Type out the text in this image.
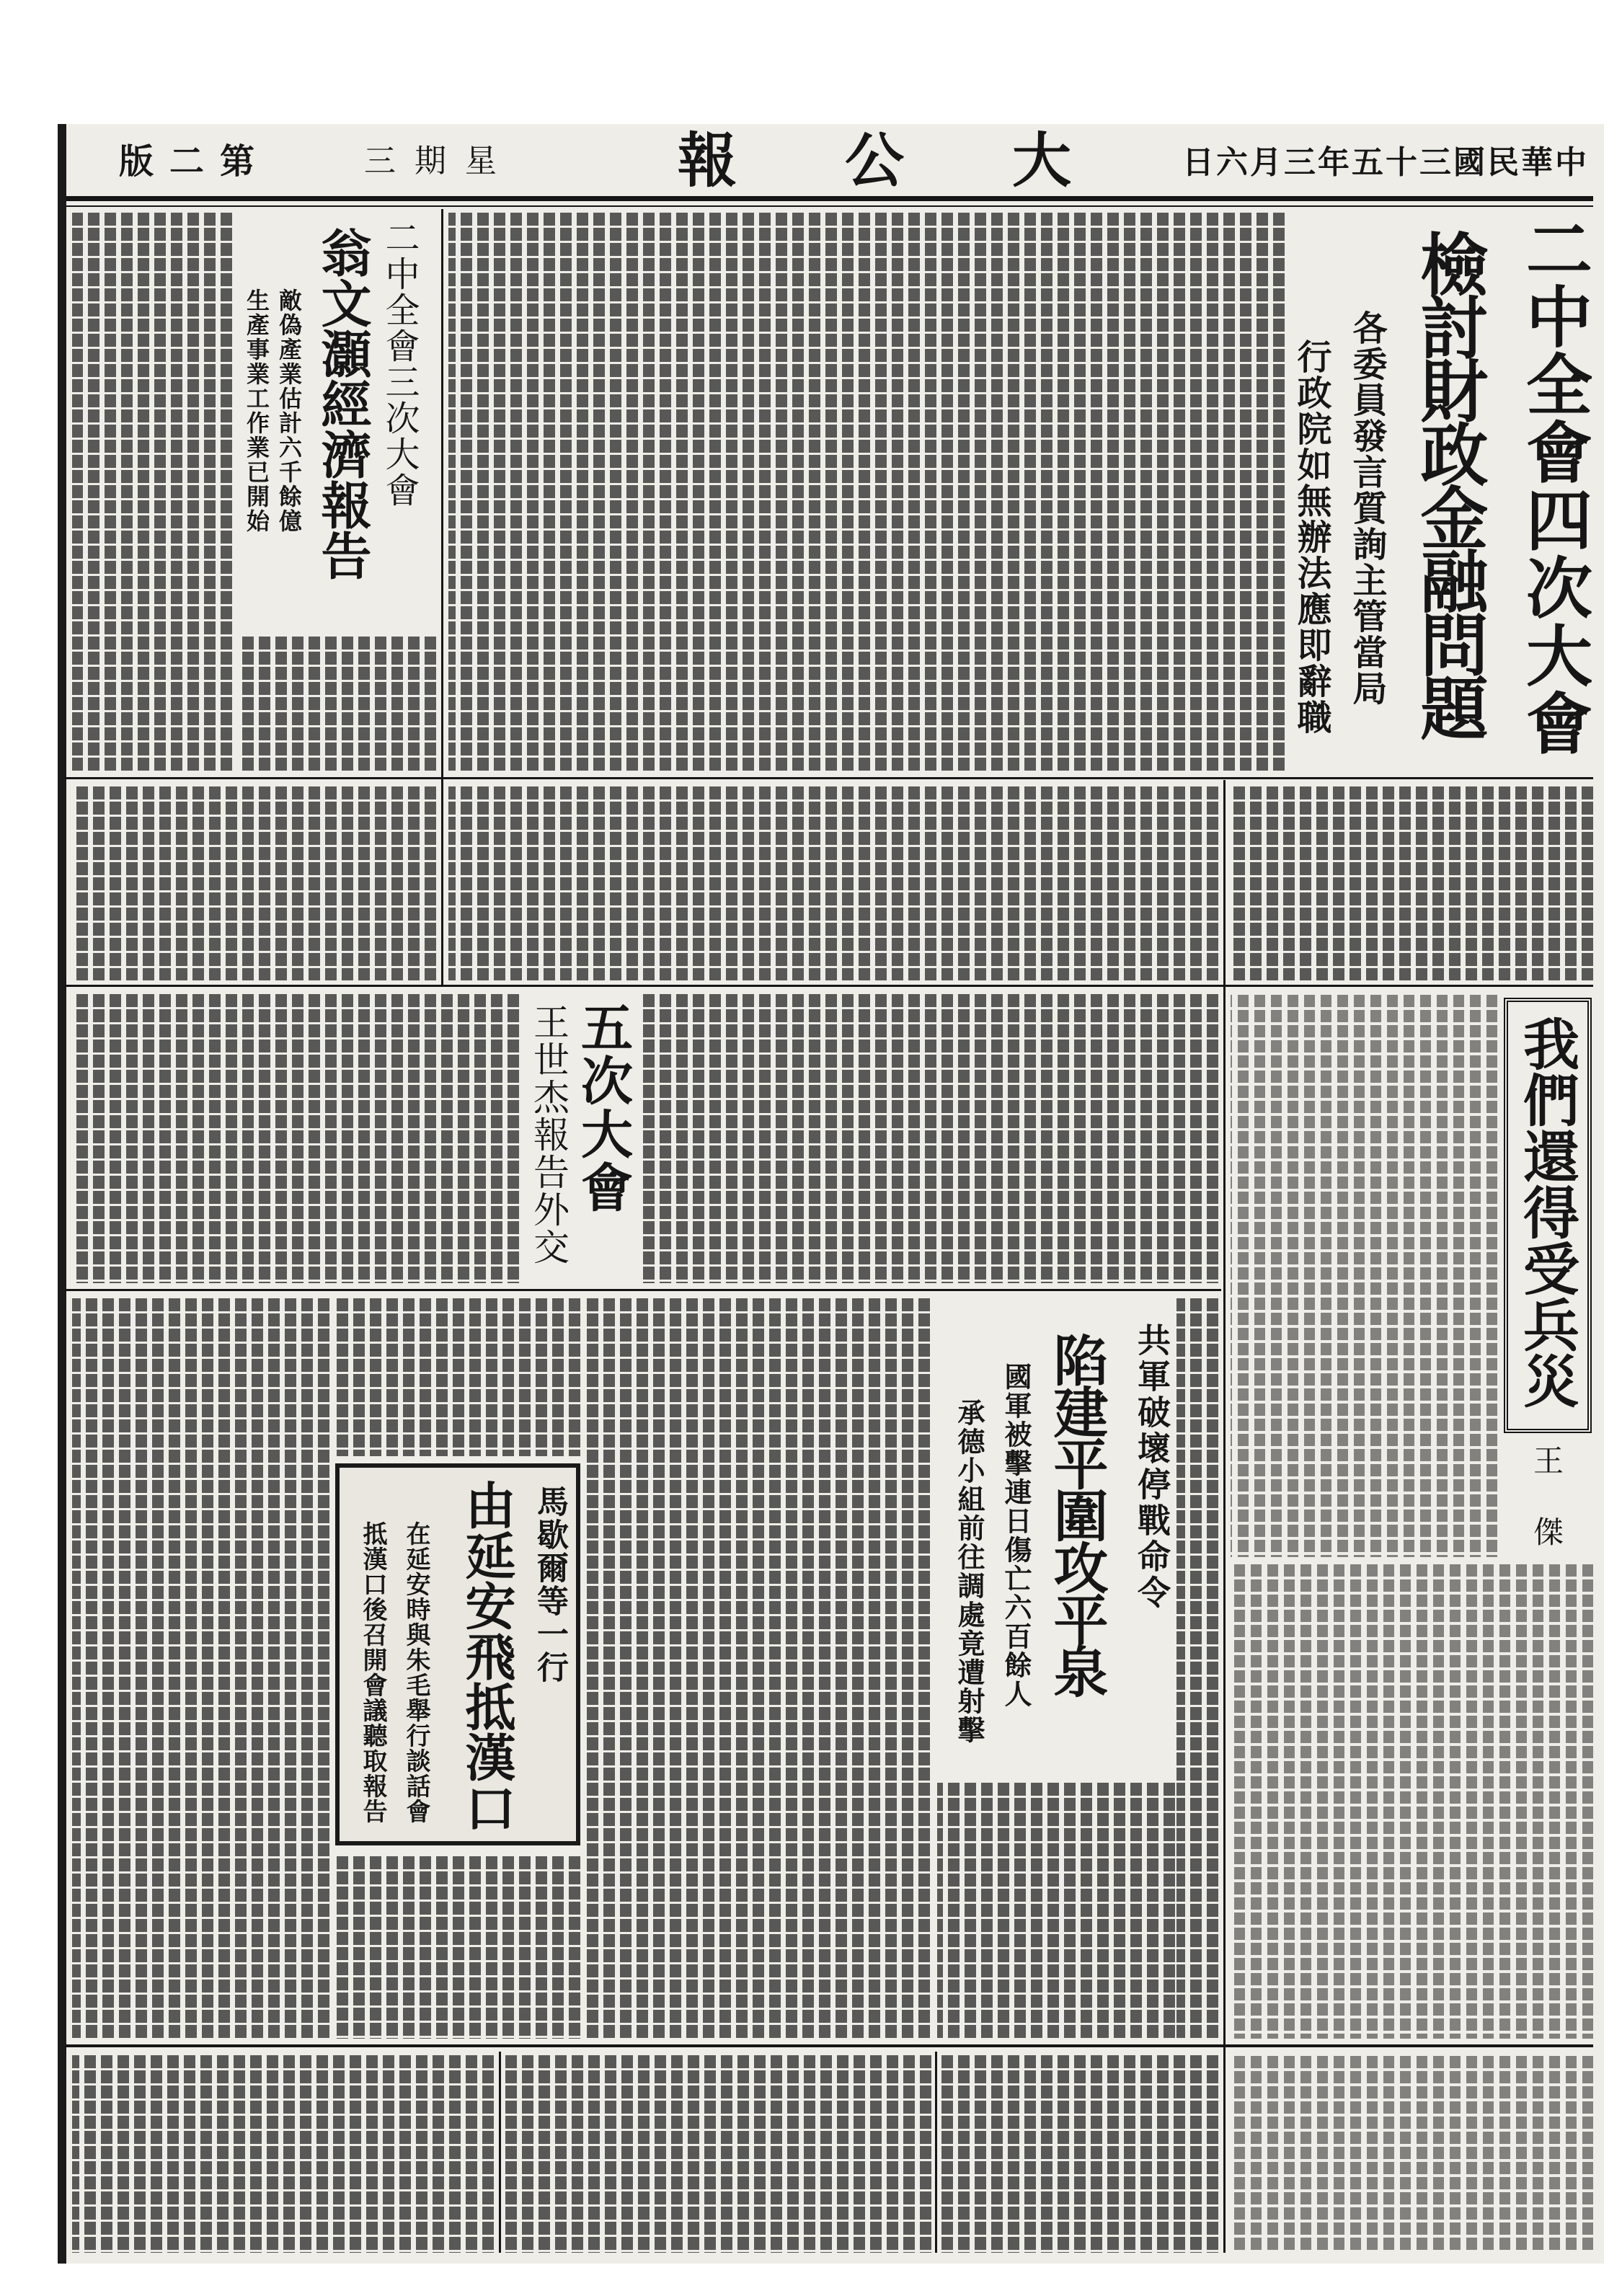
第二版	星期三	大公報 中華民國三十五年三月六日
二中全會四次大會
檢討財政金融問題
各委員發言質詢主管當局
行政院如無辦法應即辭職
二中全會三次大會
翁文灝經濟報告
敵偽產業估計六千餘億
生產事業工作業已開始
五次大會
王世杰報告外交	我們還得受兵災
王 傑
共軍破壞停戰命令
陷建平圍攻平泉
國軍被擊連日傷亡六百餘人
承德小組前往調處竟遭射擊
馬歇爾等一行
由延安飛抵漢口
在延安時與朱毛舉行談話會
抵漢口後召開會議聽取報告
